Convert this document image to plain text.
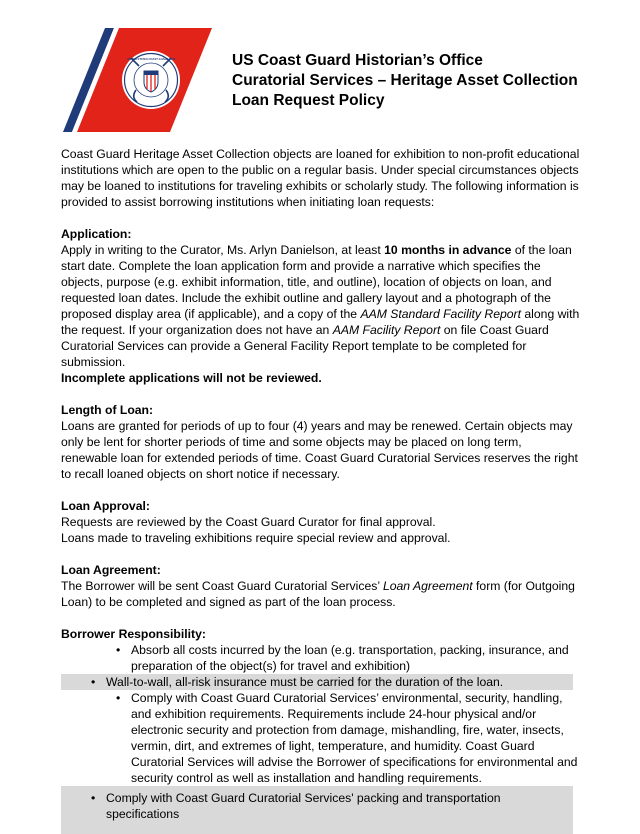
UNITED STATES COAST GUARD 1790	US Coast Guard Historian’s Office
Curatorial Services – Heritage Asset Collection
Loan Request Policy

Coast Guard Heritage Asset Collection objects are loaned for exhibition to non-profit educational institutions which are open to the public on a regular basis. Under special circumstances objects may be loaned to institutions for traveling exhibits or scholarly study. The following information is provided to assist borrowing institutions when initiating loan requests:

Application:

Apply in writing to the Curator, Ms. Arlyn Danielson, at least 10 months in advance of the loan start date. Complete the loan application form and provide a narrative which specifies the objects, purpose (e.g. exhibit information, title, and outline), location of objects on loan, and requested loan dates. Include the exhibit outline and gallery layout and a photograph of the proposed display area (if applicable), and a copy of the AAM Standard Facility Report along with the request. If your organization does not have an AAM Facility Report on file Coast Guard Curatorial Services can provide a General Facility Report template to be completed for submission.

Incomplete applications will not be reviewed.

Length of Loan:

Loans are granted for periods of up to four (4) years and may be renewed. Certain objects may only be lent for shorter periods of time and some objects may be placed on long term, renewable loan for extended periods of time. Coast Guard Curatorial Services reserves the right to recall loaned objects on short notice if necessary.

Loan Approval:

Requests are reviewed by the Coast Guard Curator for final approval.

Loans made to traveling exhibitions require special review and approval.

Loan Agreement:

The Borrower will be sent Coast Guard Curatorial Services’ Loan Agreement form (for Outgoing Loan) to be completed and signed as part of the loan process.

Borrower Responsibility:

• Absorb all costs incurred by the loan (e.g. transportation, packing, insurance, and preparation of the object(s) for travel and exhibition)
• Wall-to-wall, all-risk insurance must be carried for the duration of the loan.
• Comply with Coast Guard Curatorial Services’ environmental, security, handling, and exhibition requirements. Requirements include 24-hour physical and/or electronic security and protection from damage, mishandling, fire, water, insects, vermin, dirt, and extremes of light, temperature, and humidity. Coast Guard Curatorial Services will advise the Borrower of specifications for environmental and security control as well as installation and handling requirements.
• Comply with Coast Guard Curatorial Services' packing and transportation specifications
